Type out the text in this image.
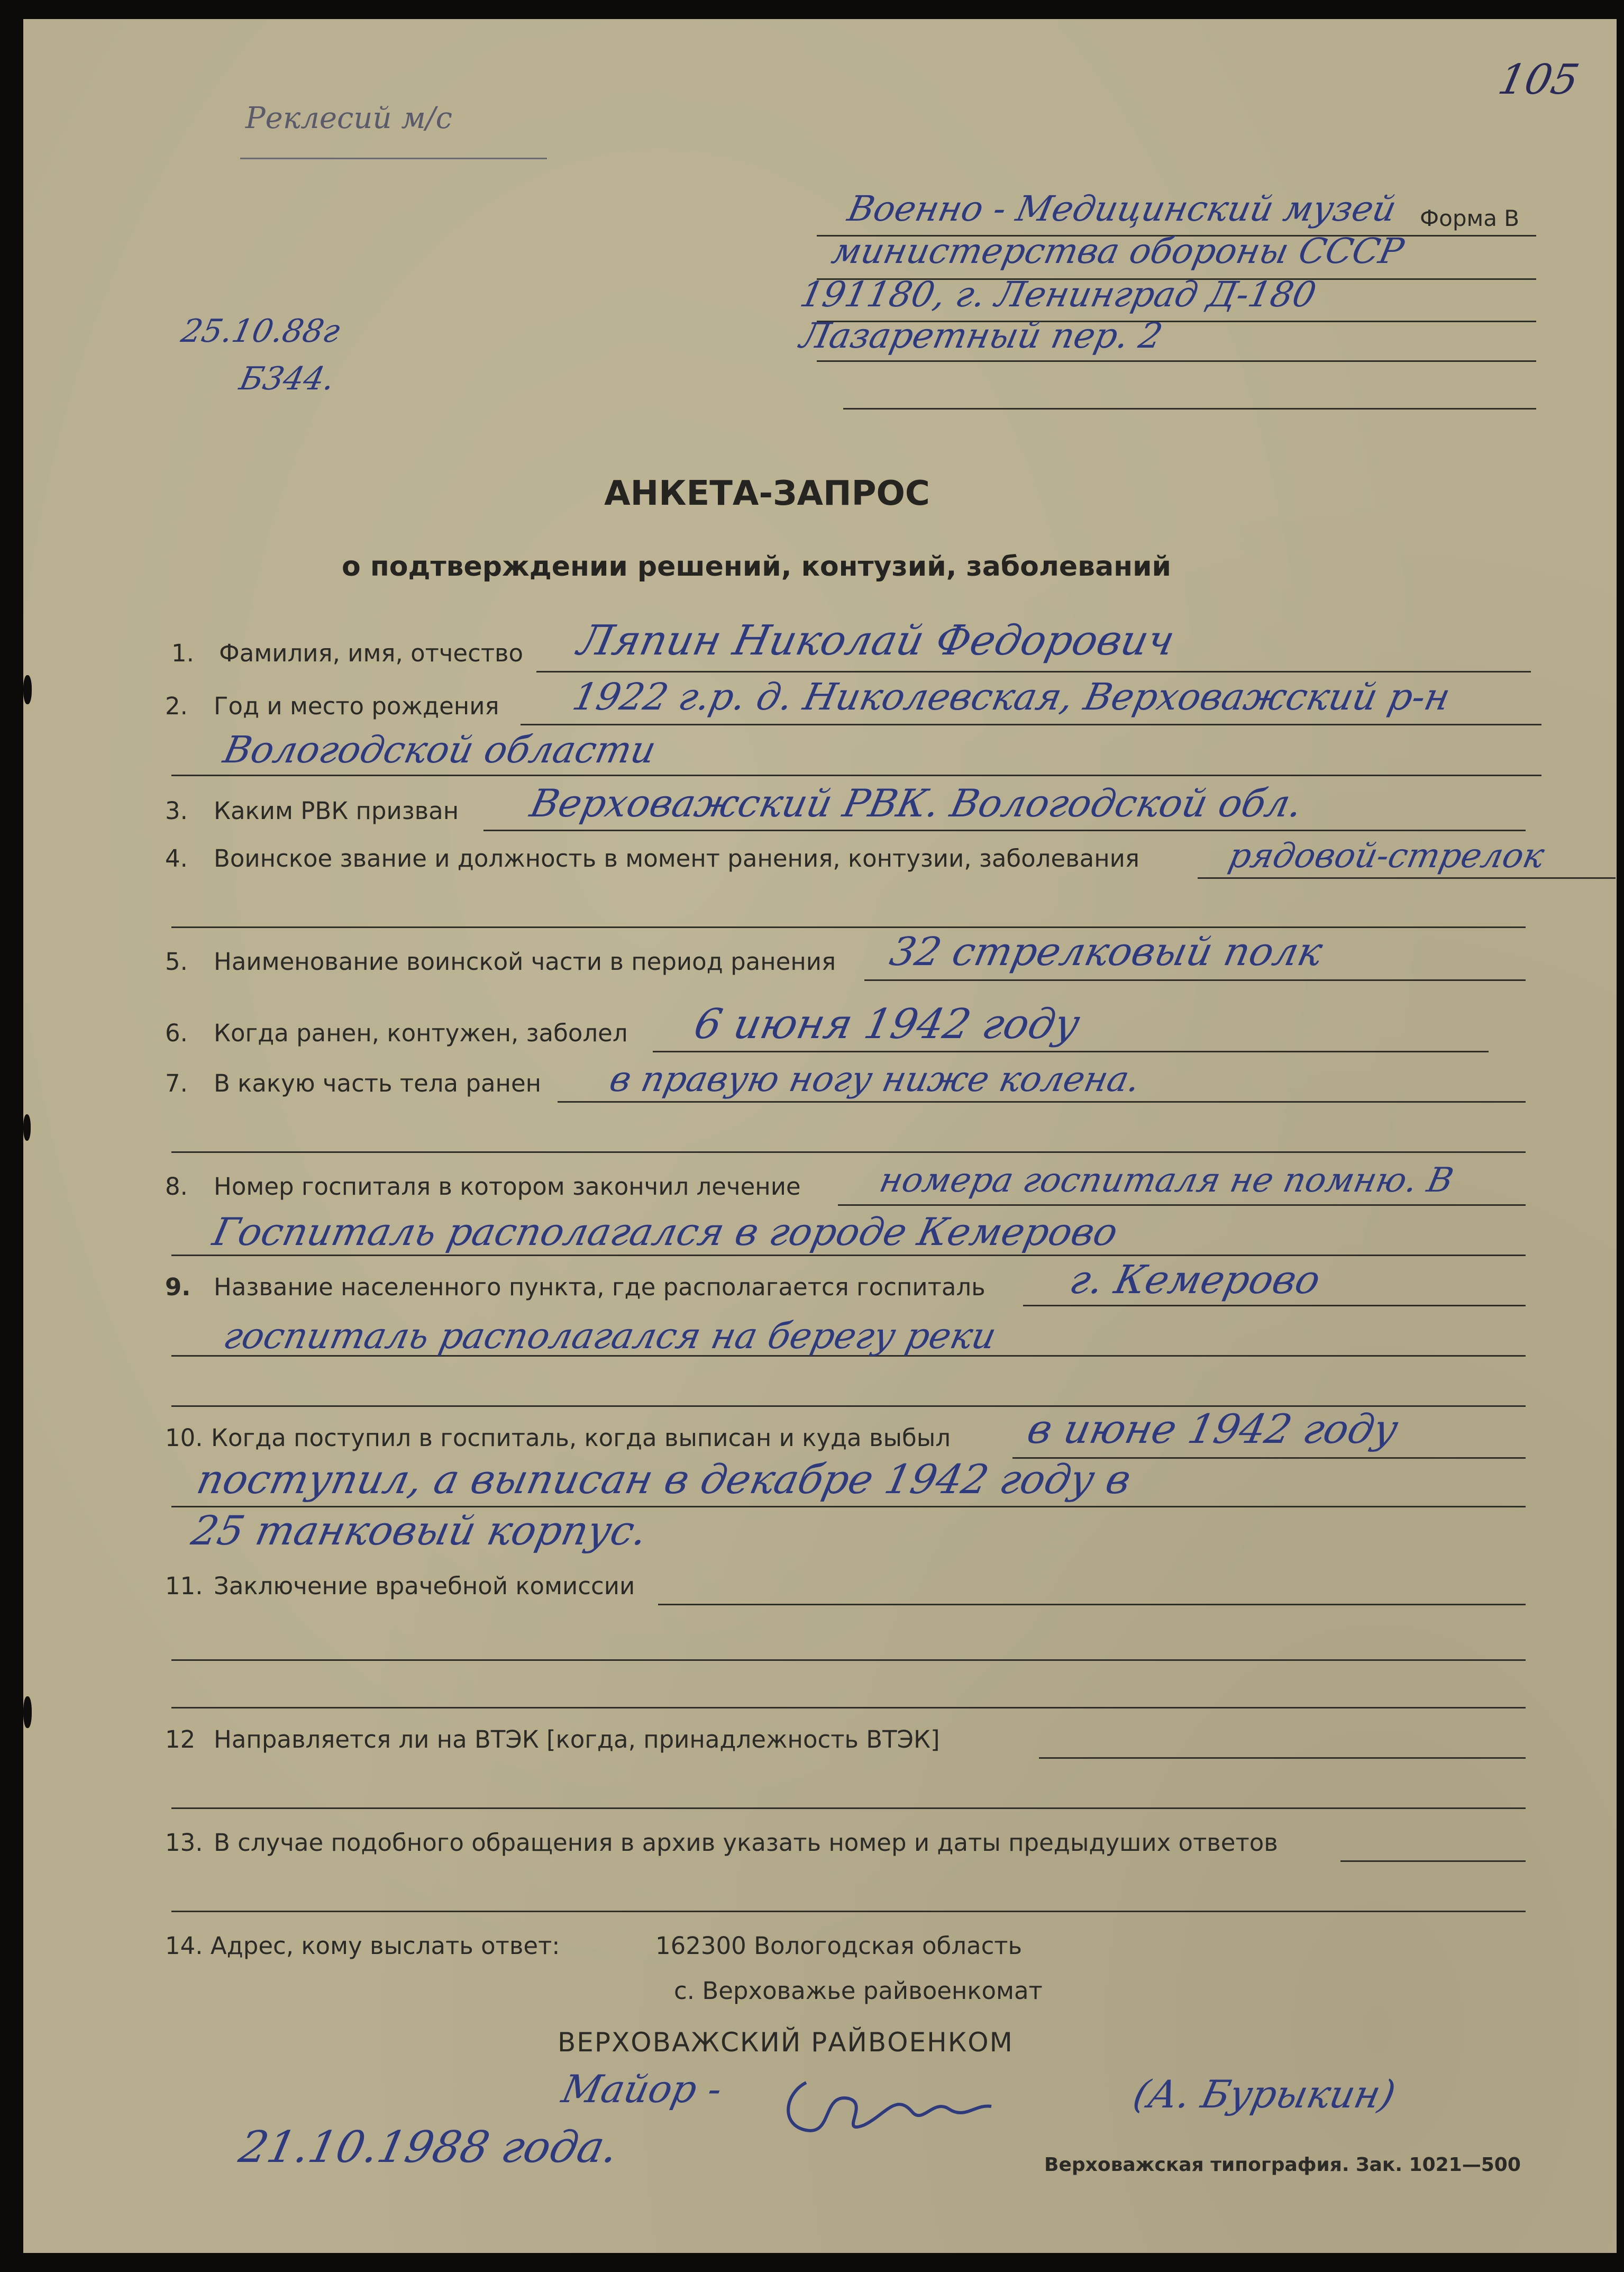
105
Реклесий м/с
Форма В
25.10.88г
Б344.
Военно - Медицинский музей
министерства обороны СССР
191180, г. Ленинград Д-180
Лазаретный пер. 2
АНКЕТА-ЗАПРОС
о подтверждении решений, контузий, заболеваний
1. Фамилия, имя, отчество Ляпин Николай Федорович
2. Год и место рождения 1922 г.р. д. Николевская, Верховажский р-н
Вологодской области
3. Каким РВК призван Верховажский РВК. Вологодской обл.
4. Воинское звание и должность в момент ранения, контузии, заболевания	рядовой-стрелок
5. Наименование воинской части в период ранения 32 стрелковый полк
6. Когда ранен, контужен, заболел 6 июня 1942 году
7. В какую часть тела ранен в правую ногу ниже колена.
8. Номер госпиталя в котором закончил лечение номера госпиталя не помню. В
Госпиталь располагался в городе Кемерово
9. Название населенного пункта, где располагается госпиталь г. Кемерово
госпиталь располагался на берегу реки
10. Когда поступил в госпиталь, когда выписан и куда выбыл в июне 1942 году
поступил, а выписан в декабре 1942 году в
25 танковый корпус.
11. Заключение врачебной комиссии
12 Направляется ли на ВТЭК [когда, принадлежность ВТЭК]
13. В случае подобного обращения в архив указать номер и даты предыдуших ответов
14. Адрес, кому выслать ответ:	162300 Вологодская область
с. Верховажье райвоенкомат
ВЕРХОВАЖСКИЙ РАЙВОЕНКОМ
Майор -	(А. Бурыкин)
21.10.1988 года.	Верховажская типография. Зак. 1021—500
